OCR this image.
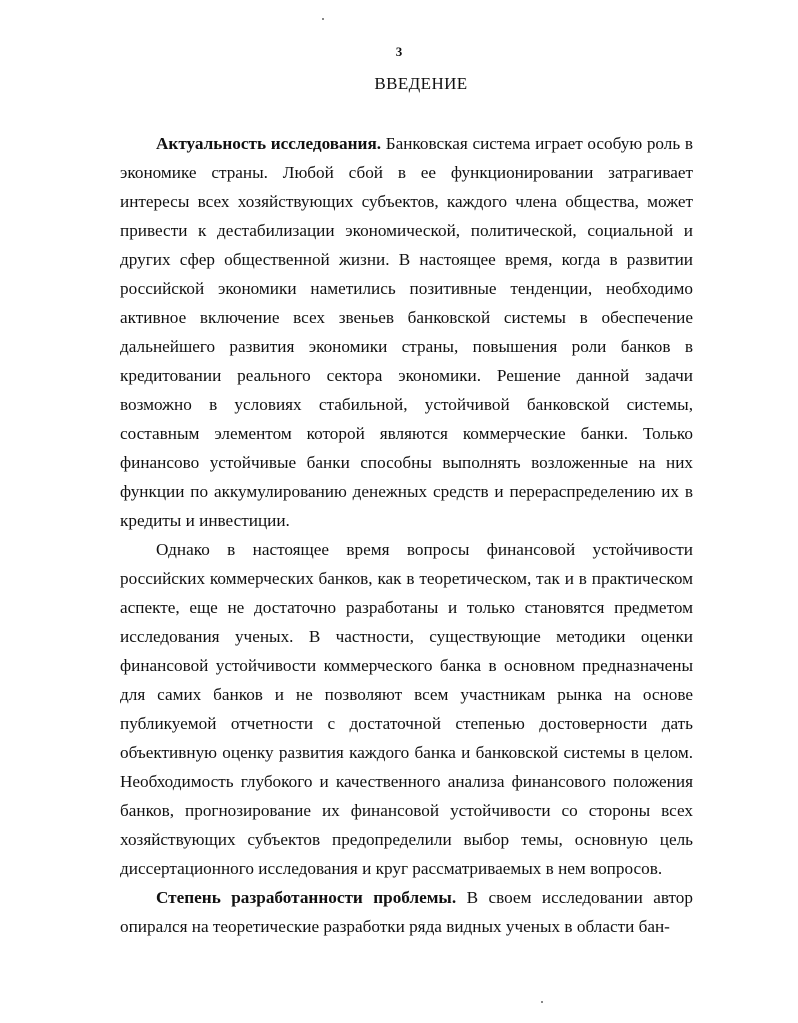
3
ВВЕДЕНИЕ

Актуальность исследования. Банковская система играет особую роль в экономике страны. Любой сбой в ее функционировании затрагивает интересы всех хозяйствующих субъектов, каждого члена общества, может привести к дестабилизации экономической, политической, социальной и других сфер общественной жизни. В настоящее время, когда в развитии российской экономики наметились позитивные тенденции, необходимо активное включение всех звеньев банковской системы в обеспечение дальнейшего развития экономики страны, повышения роли банков в кредитовании реального сектора экономики. Решение данной задачи возможно в условиях стабильной, устойчивой банковской системы, составным элементом которой являются коммерческие банки. Только финансово устойчивые банки способны выполнять возложенные на них функции по аккумулированию денежных средств и перераспределению их в кредиты и инвестиции.

Однако в настоящее время вопросы финансовой устойчивости российских коммерческих банков, как в теоретическом, так и в практическом аспекте, еще не достаточно разработаны и только становятся предметом исследования ученых. В частности, существующие методики оценки финансовой устойчивости коммерческого банка в основном предназначены для самих банков и не позволяют всем участникам рынка на основе публикуемой отчетности с достаточной степенью достоверности дать объективную оценку развития каждого банка и банковской системы в целом. Необходимость глубокого и качественного анализа финансового положения банков, прогнозирование их финансовой устойчивости со стороны всех хозяйствующих субъектов предопределили выбор темы, основную цель диссертационного исследования и круг рассматриваемых в нем вопросов.

Степень разработанности проблемы. В своем исследовании автор опирался на теоретические разработки ряда видных ученых в области бан-
